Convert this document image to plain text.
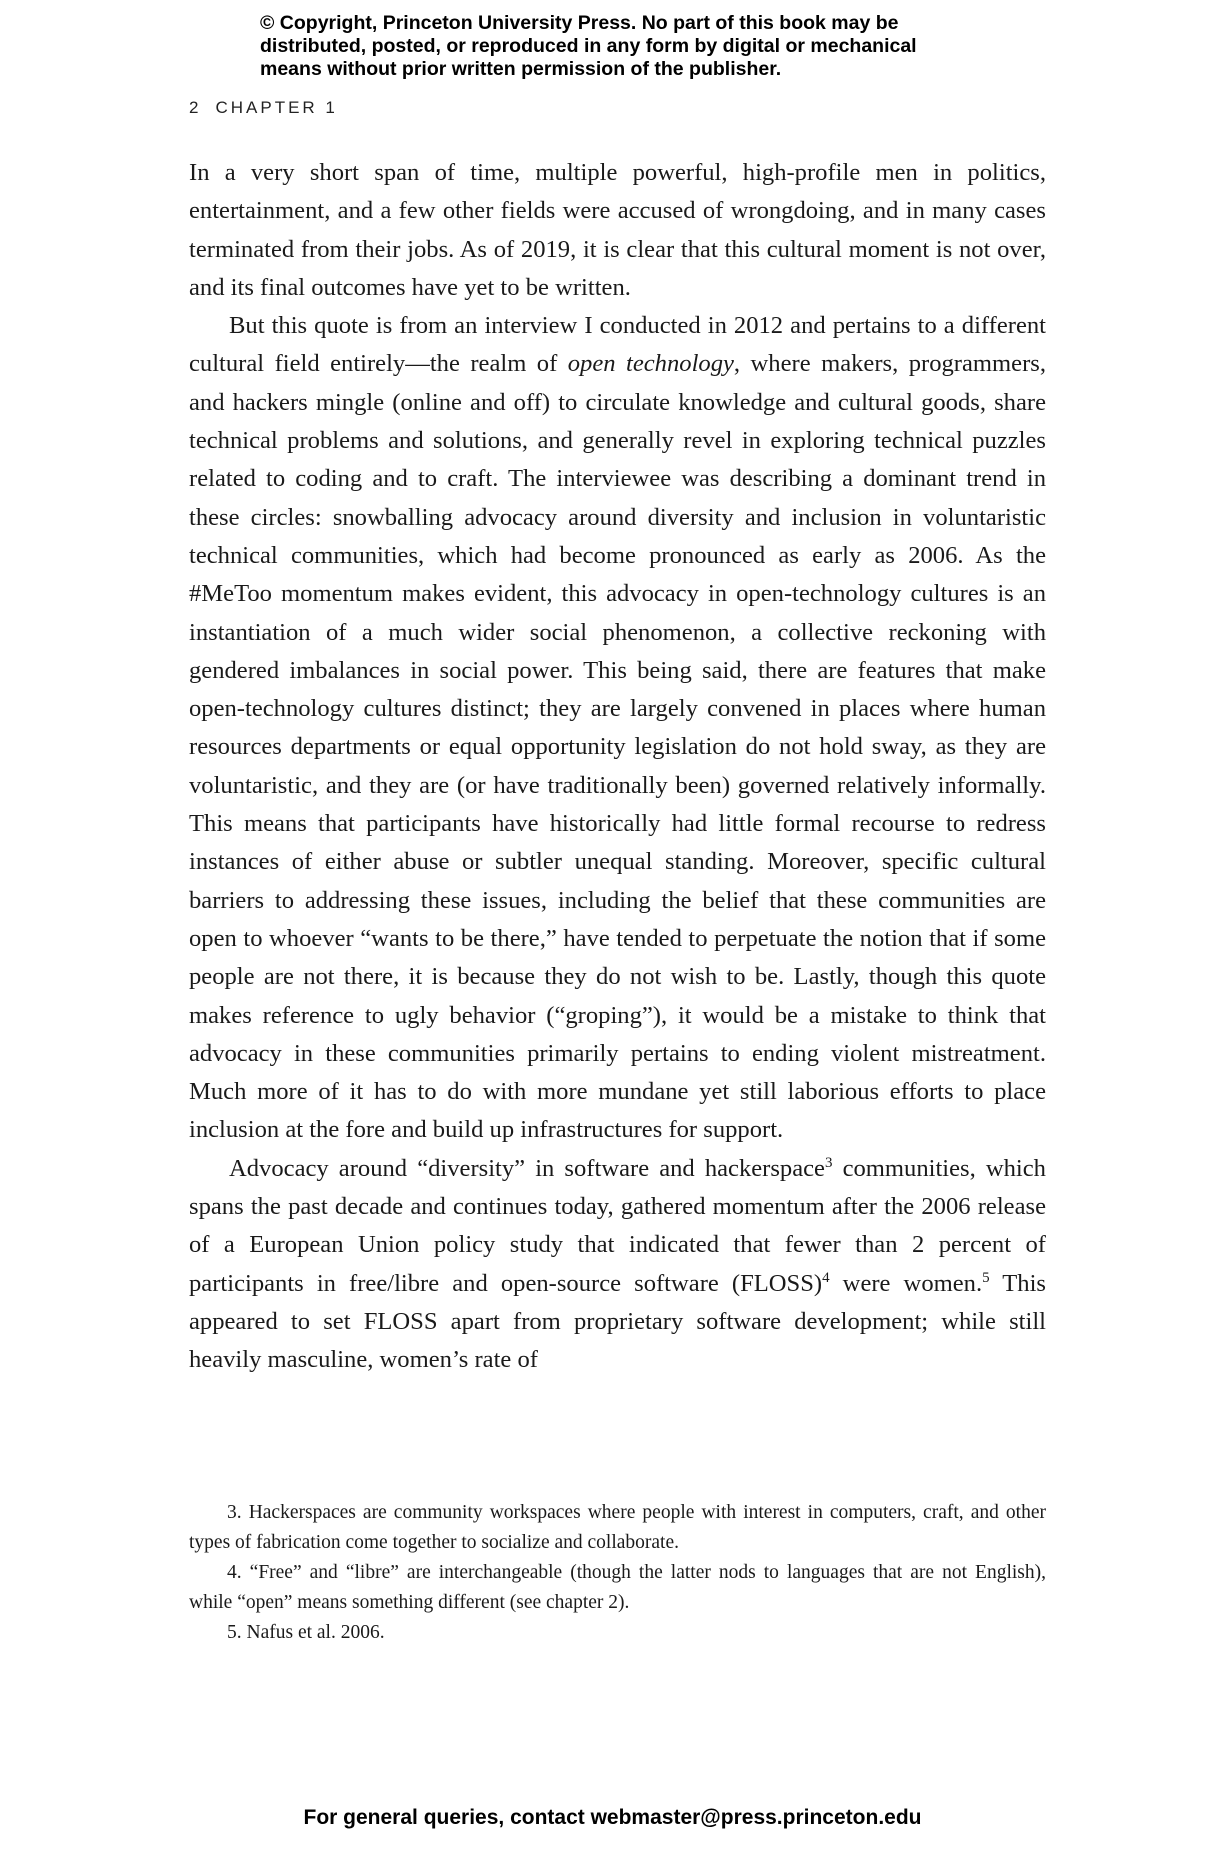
© Copyright, Princeton University Press. No part of this book may be
distributed, posted, or reproduced in any form by digital or mechanical
means without prior written permission of the publisher.
2 CHAPTER 1

In a very short span of time, multiple powerful, high-profile men in politics, entertainment, and a few other fields were accused of wrongdoing, and in many cases terminated from their jobs. As of 2019, it is clear that this cultural moment is not over, and its final outcomes have yet to be written.

But this quote is from an interview I conducted in 2012 and pertains to a different cultural field entirely—the realm of open technology, where makers, programmers, and hackers mingle (online and off) to circulate knowledge and cultural goods, share technical problems and solutions, and generally revel in exploring technical puzzles related to coding and to craft. The interviewee was describing a dominant trend in these circles: snowballing advocacy around diversity and inclusion in voluntaristic technical communities, which had become pronounced as early as 2006. As the #MeToo momentum makes evident, this advocacy in open-technology cultures is an instantiation of a much wider social phenomenon, a collective reckoning with gendered imbalances in social power. This being said, there are features that make open-technology cultures distinct; they are largely convened in places where human resources departments or equal opportunity legislation do not hold sway, as they are voluntaristic, and they are (or have traditionally been) governed relatively informally. This means that participants have historically had little formal recourse to redress instances of either abuse or subtler unequal standing. Moreover, specific cultural barriers to addressing these issues, including the belief that these communities are open to whoever “wants to be there,” have tended to perpetuate the notion that if some people are not there, it is because they do not wish to be. Lastly, though this quote makes reference to ugly behavior (“groping”), it would be a mistake to think that advocacy in these communities primarily pertains to ending violent mistreatment. Much more of it has to do with more mundane yet still laborious efforts to place inclusion at the fore and build up infrastructures for support.

Advocacy around “diversity” in software and hackerspace$^3$ communities, which spans the past decade and continues today, gathered momentum after the 2006 release of a European Union policy study that indicated that fewer than 2 percent of participants in free/libre and open-source software (FLOSS)$^4$ were women.$^5$ This appeared to set FLOSS apart from proprietary software development; while still heavily masculine, women’s rate of

3. Hackerspaces are community workspaces where people with interest in computers, craft, and other types of fabrication come together to socialize and collaborate.

4. “Free” and “libre” are interchangeable (though the latter nods to languages that are not English), while “open” means something different (see chapter 2).

5. Nafus et al. 2006.

For general queries, contact webmaster@press.princeton.edu
